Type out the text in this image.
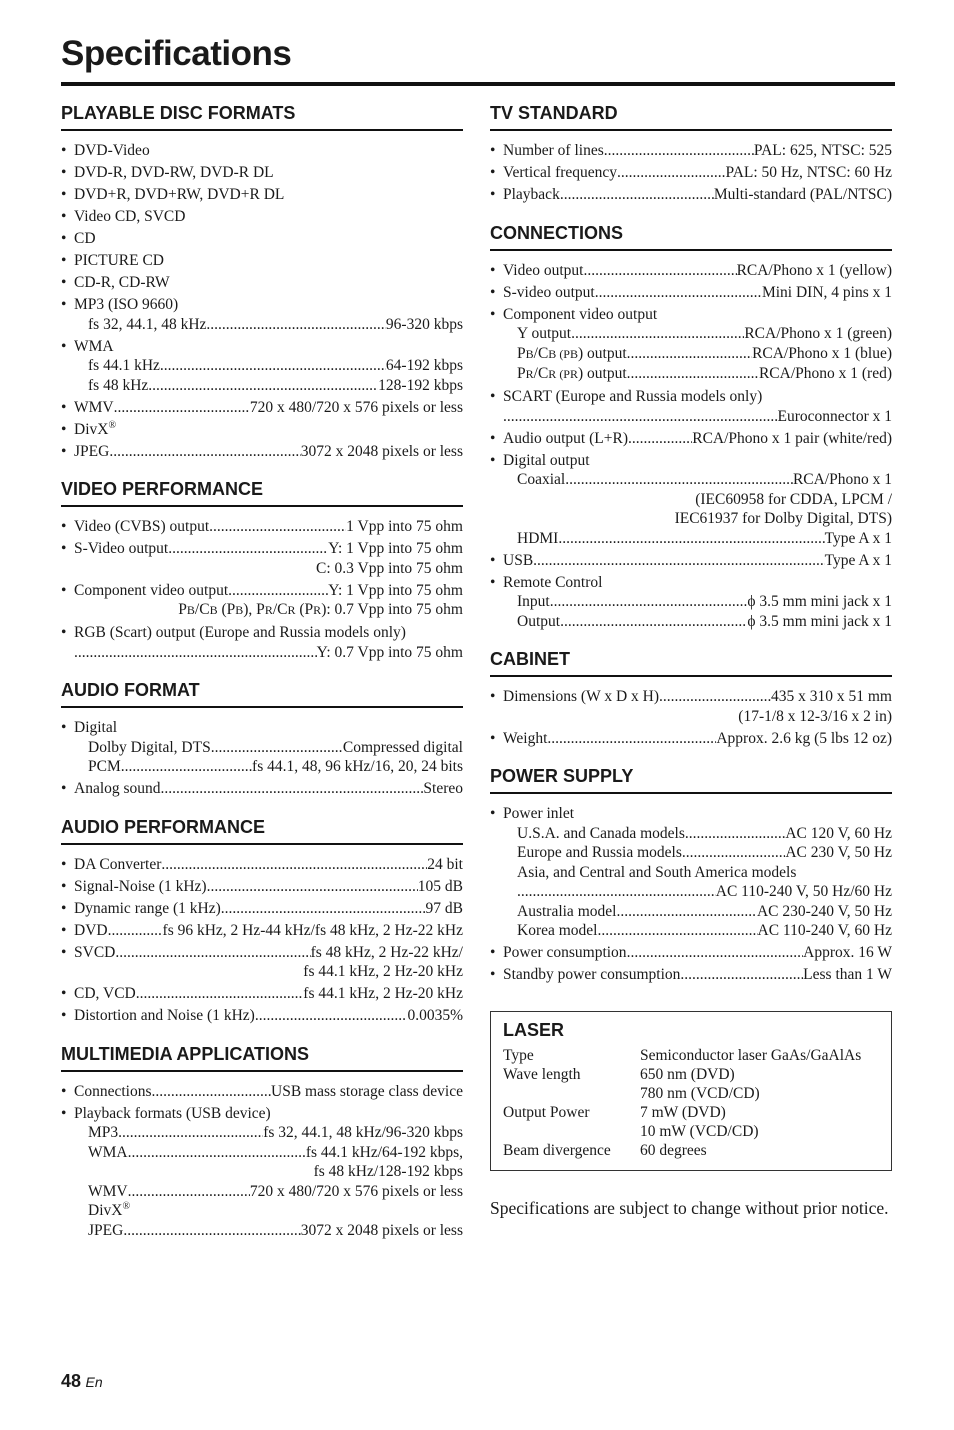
Specifications
PLAYABLE DISC FORMATS
• DVD-Video
• DVD-R, DVD-RW, DVD-R DL
• DVD+R, DVD+RW, DVD+R DL
• Video CD, SVCD
• CD
• PICTURE CD
• CD-R, CD-RW
• MP3 (ISO 9660)
fs 32, 44.1, 48 kHz .....	96-320 kbps
• WMA
fs 44.1 kHz .....	64-192 kbps
fs 48 kHz .....	128-192 kbps
• WMV .....	720 x 480/720 x 576 pixels or less
• DivX®
• JPEG .....	3072 x 2048 pixels or less
VIDEO PERFORMANCE
• Video (CVBS) output .....	1 Vpp into 75 ohm
• S-Video output .....	Y: 1 Vpp into 75 ohm
C: 0.3 Vpp into 75 ohm
• Component video output .....	Y: 1 Vpp into 75 ohm
PB/CB (PB), PR/CR (PR): 0.7 Vpp into 75 ohm
• RGB (Scart) output (Europe and Russia models only)
.....
Y: 0.7 Vpp into 75 ohm
AUDIO FORMAT
• Digital
Dolby Digital, DTS .....	Compressed digital
PCM .....	fs 44.1, 48, 96 kHz/16, 20, 24 bits
• Analog sound .....	Stereo
AUDIO PERFORMANCE
• DA Converter .....	24 bit
• Signal-Noise (1 kHz) .....	105 dB
• Dynamic range (1 kHz) .....	97 dB
• DVD .....	fs 96 kHz, 2 Hz-44 kHz/fs 48 kHz, 2 Hz-22 kHz
• SVCD .....	fs 48 kHz, 2 Hz-22 kHz/
fs 44.1 kHz, 2 Hz-20 kHz
• CD, VCD .....	fs 44.1 kHz, 2 Hz-20 kHz
• Distortion and Noise (1 kHz) .....	0.0035%
MULTIMEDIA APPLICATIONS
• Connections .....	USB mass storage class device
• Playback formats (USB device)
MP3 .....	fs 32, 44.1, 48 kHz/96-320 kbps
WMA .....	fs 44.1 kHz/64-192 kbps,
fs 48 kHz/128-192 kbps
WMV .....	720 x 480/720 x 576 pixels or less
DivX®
JPEG .....	3072 x 2048 pixels or less
TV STANDARD
• Number of lines .....	PAL: 625, NTSC: 525
• Vertical frequency .....	PAL: 50 Hz, NTSC: 60 Hz
• Playback .....	Multi-standard (PAL/NTSC)
CONNECTIONS
• Video output .....	RCA/Phono x 1 (yellow)
• S-video output .....	Mini DIN, 4 pins x 1
• Component video output
Y output .....	RCA/Phono x 1 (green)
PB/CB (PB) output .....	RCA/Phono x 1 (blue)
PR/CR (PR) output .....	RCA/Phono x 1 (red)
• SCART (Europe and Russia models only)
.....
Euroconnector x 1
• Audio output (L+R) .....	RCA/Phono x 1 pair (white/red)
• Digital output
Coaxial .....	RCA/Phono x 1
(IEC60958 for CDDA, LPCM /
IEC61937 for Dolby Digital, DTS)
HDMI .....	Type A x 1
• USB .....	Type A x 1
• Remote Control
Input .....	ϕ 3.5 mm mini jack x 1
Output .....	ϕ 3.5 mm mini jack x 1
CABINET
• Dimensions (W x D x H) .....	435 x 310 x 51 mm
(17-1/8 x 12-3/16 x 2 in)
• Weight .....	Approx. 2.6 kg (5 lbs 12 oz)
POWER SUPPLY
• Power inlet
U.S.A. and Canada models .....	AC 120 V, 60 Hz
Europe and Russia models .....	AC 230 V, 50 Hz
Asia, and Central and South America models
.....
AC 110-240 V, 50 Hz/60 Hz
Australia model .....	AC 230-240 V, 50 Hz
Korea model .....	AC 110-240 V, 60 Hz
• Power consumption .....	Approx. 16 W
• Standby power consumption .....	Less than 1 W
LASER
Type	Semiconductor laser GaAs/GaAlAs
Wave length	650 nm (DVD)
780 nm (VCD/CD)

Output Power	7 mW (DVD)
10 mW (VCD/CD)

Beam divergence	60 degrees
Specifications are subject to change without prior notice.
48 En
